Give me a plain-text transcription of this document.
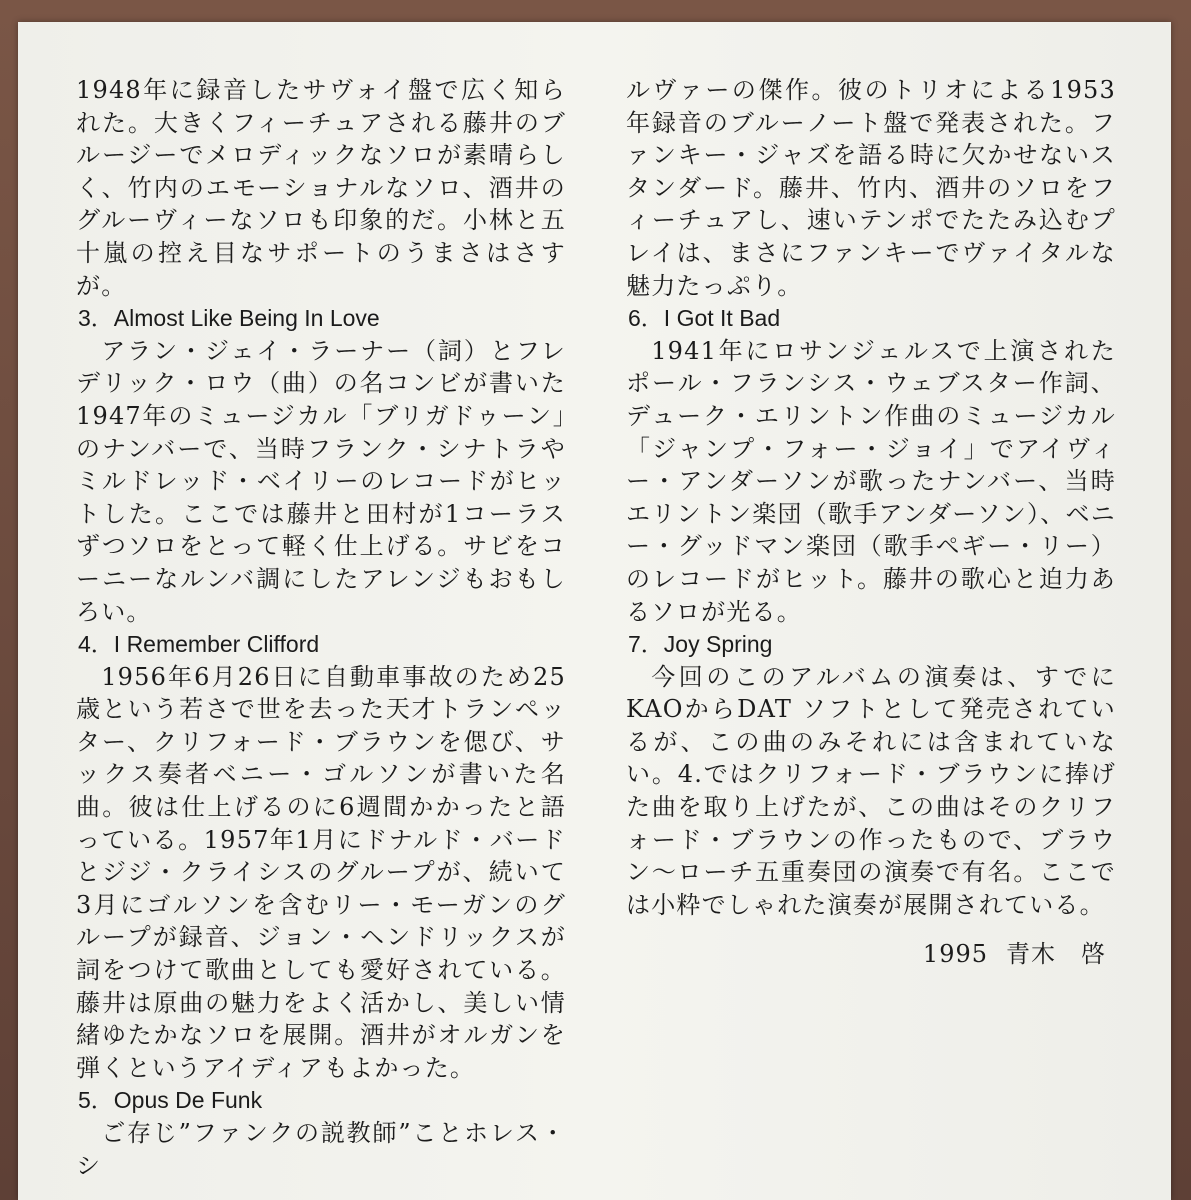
1948年に録音したサヴォイ盤で広く知られた。大きくフィーチュアされる藤井のブルージーでメロディックなソロが素晴らしく、竹内のエモーショナルなソロ、酒井のグルーヴィーなソロも印象的だ。小林と五十嵐の控え目なサポートのうまさはさすが。

3．Almost Like Being In Love

アラン・ジェイ・ラーナー（詞）とフレデリック・ロウ（曲）の名コンビが書いた1947年のミュージカル「ブリガドゥーン」のナンバーで、当時フランク・シナトラやミルドレッド・ベイリーのレコードがヒットした。ここでは藤井と田村が1コーラスずつソロをとって軽く仕上げる。サビをコーニーなルンバ調にしたアレンジもおもしろい。

4．I Remember Clifford

1956年6月26日に自動車事故のため25歳という若さで世を去った天才トランペッター、クリフォード・ブラウンを偲び、サックス奏者ベニー・ゴルソンが書いた名曲。彼は仕上げるのに6週間かかったと語っている。1957年1月にドナルド・バードとジジ・クライシスのグループが、続いて3月にゴルソンを含むリー・モーガンのグループが録音、ジョン・ヘンドリックスが詞をつけて歌曲としても愛好されている。藤井は原曲の魅力をよく活かし、美しい情緒ゆたかなソロを展開。酒井がオルガンを弾くというアイディアもよかった。

5．Opus De Funk

ご存じ”ファンクの説教師”ことホレス・シ

ルヴァーの傑作。彼のトリオによる1953年録音のブルーノート盤で発表された。ファンキー・ジャズを語る時に欠かせないスタンダード。藤井、竹内、酒井のソロをフィーチュアし、速いテンポでたたみ込むプレイは、まさにファンキーでヴァイタルな魅力たっぷり。

6．I Got It Bad

1941年にロサンジェルスで上演されたポール・フランシス・ウェブスター作詞、デューク・エリントン作曲のミュージカル「ジャンプ・フォー・ジョイ」でアイヴィー・アンダーソンが歌ったナンバー、当時エリントン楽団（歌手アンダーソン）、ベニー・グッドマン楽団（歌手ペギー・リー）のレコードがヒット。藤井の歌心と迫力あるソロが光る。

7．Joy Spring

今回のこのアルバムの演奏は、すでにKAOからDAT ソフトとして発売されているが、この曲のみそれには含まれていない。4.ではクリフォード・ブラウンに捧げた曲を取り上げたが、この曲はそのクリフォード・ブラウンの作ったもので、ブラウン～ローチ五重奏団の演奏で有名。ここでは小粋でしゃれた演奏が展開されている。

1995 青木　啓
